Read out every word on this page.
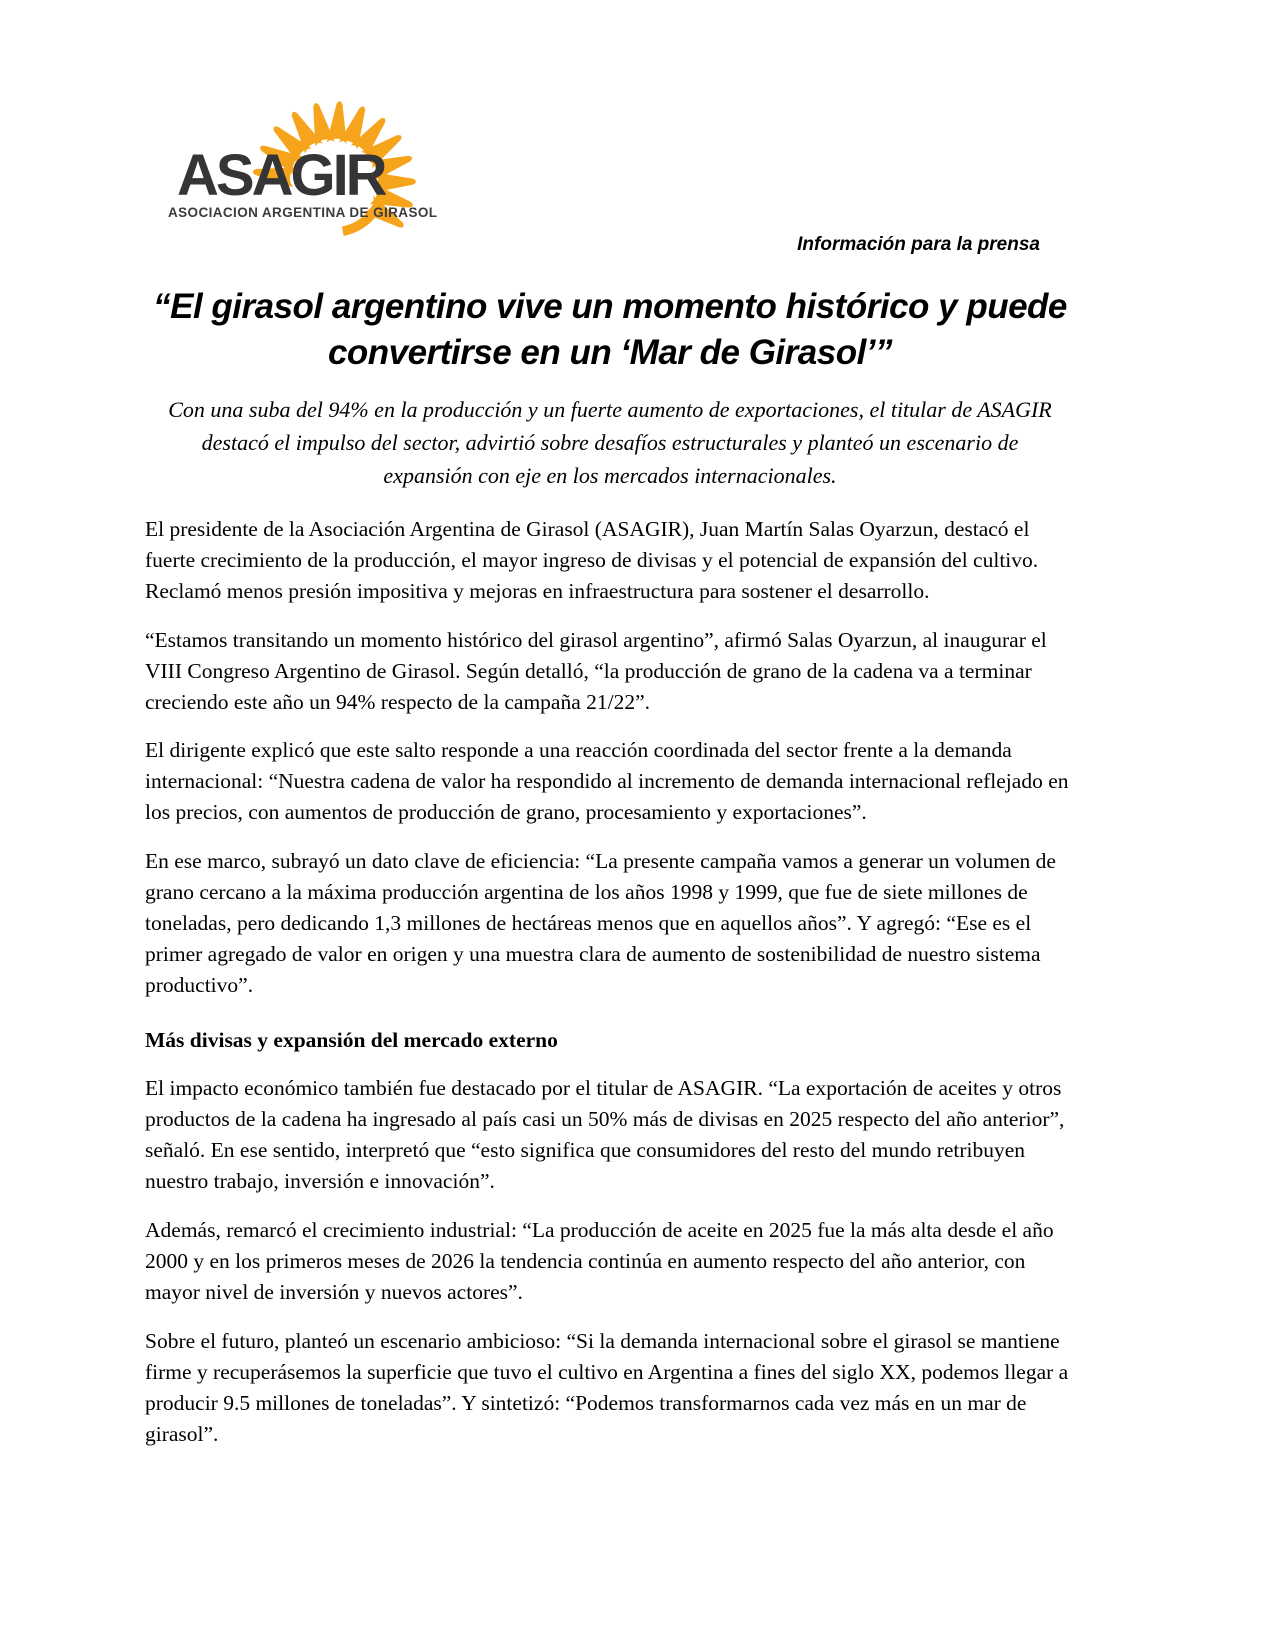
ASAGIR
ASOCIACION ARGENTINA DE GIRASOL
Información para la prensa
“El girasol argentino vive un momento histórico y puede convertirse en un ‘Mar de Girasol’”

Con una suba del 94% en la producción y un fuerte aumento de exportaciones, el titular de ASAGIR destacó el impulso del sector, advirtió sobre desafíos estructurales y planteó un escenario de expansión con eje en los mercados internacionales.

El presidente de la Asociación Argentina de Girasol (ASAGIR), Juan Martín Salas Oyarzun, destacó el fuerte crecimiento de la producción, el mayor ingreso de divisas y el potencial de expansión del cultivo. Reclamó menos presión impositiva y mejoras en infraestructura para sostener el desarrollo.

“Estamos transitando un momento histórico del girasol argentino”, afirmó Salas Oyarzun, al inaugurar el VIII Congreso Argentino de Girasol. Según detalló, “la producción de grano de la cadena va a terminar creciendo este año un 94% respecto de la campaña 21/22”.

El dirigente explicó que este salto responde a una reacción coordinada del sector frente a la demanda internacional: “Nuestra cadena de valor ha respondido al incremento de demanda internacional reflejado en los precios, con aumentos de producción de grano, procesamiento y exportaciones”.

En ese marco, subrayó un dato clave de eficiencia: “La presente campaña vamos a generar un volumen de grano cercano a la máxima producción argentina de los años 1998 y 1999, que fue de siete millones de toneladas, pero dedicando 1,3 millones de hectáreas menos que en aquellos años”. Y agregó: “Ese es el primer agregado de valor en origen y una muestra clara de aumento de sostenibilidad de nuestro sistema productivo”.

Más divisas y expansión del mercado externo

El impacto económico también fue destacado por el titular de ASAGIR. “La exportación de aceites y otros productos de la cadena ha ingresado al país casi un 50% más de divisas en 2025 respecto del año anterior”, señaló. En ese sentido, interpretó que “esto significa que consumidores del resto del mundo retribuyen nuestro trabajo, inversión e innovación”.

Además, remarcó el crecimiento industrial: “La producción de aceite en 2025 fue la más alta desde el año 2000 y en los primeros meses de 2026 la tendencia continúa en aumento respecto del año anterior, con mayor nivel de inversión y nuevos actores”.

Sobre el futuro, planteó un escenario ambicioso: “Si la demanda internacional sobre el girasol se mantiene firme y recuperásemos la superficie que tuvo el cultivo en Argentina a fines del siglo XX, podemos llegar a producir 9.5 millones de toneladas”. Y sintetizó: “Podemos transformarnos cada vez más en un mar de girasol”.
